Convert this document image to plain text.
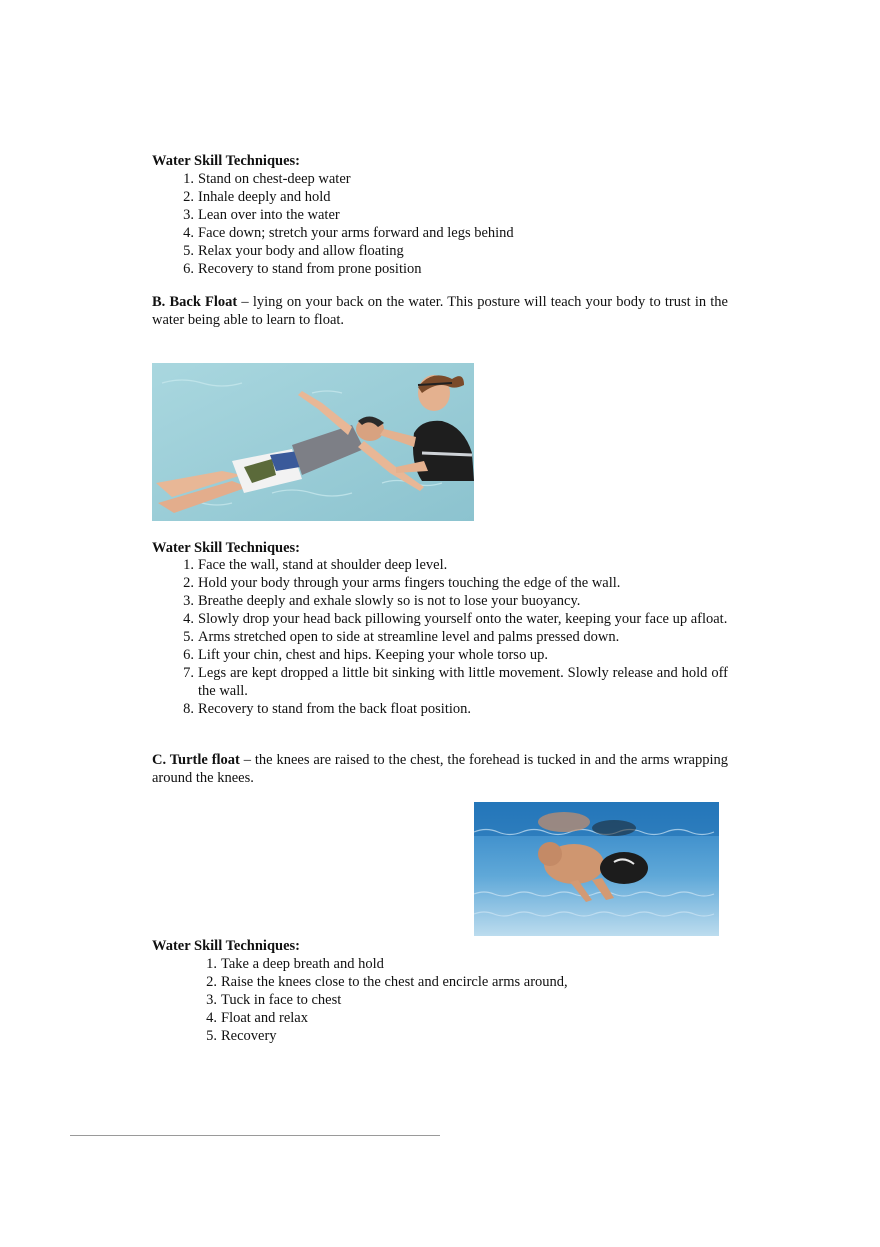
Water Skill Techniques:
1. Stand on chest-deep water
2. Inhale deeply and hold
3. Lean over into the water
4. Face down; stretch your arms forward and legs behind
5. Relax your body and allow floating
6. Recovery to stand from prone position
B. Back Float – lying on your back on the water. This posture will teach your body to trust in the water being able to learn to float.
Water Skill Techniques:
1. Face the wall, stand at shoulder deep level.
2. Hold your body through your arms fingers touching the edge of the wall.
3. Breathe deeply and exhale slowly so is not to lose your buoyancy.
4. Slowly drop your head back pillowing yourself onto the water, keeping your face up afloat.
5. Arms stretched open to side at streamline level and palms pressed down.
6. Lift your chin, chest and hips. Keeping your whole torso up.
7. Legs are kept dropped a little bit sinking with little movement. Slowly release and hold off the wall.
8. Recovery to stand from the back float position.
C. Turtle float – the knees are raised to the chest, the forehead is tucked in and the arms wrapping around the knees.
Water Skill Techniques:
1. Take a deep breath and hold
2. Raise the knees close to the chest and encircle arms around,
3. Tuck in face to chest
4. Float and relax
5. Recovery
